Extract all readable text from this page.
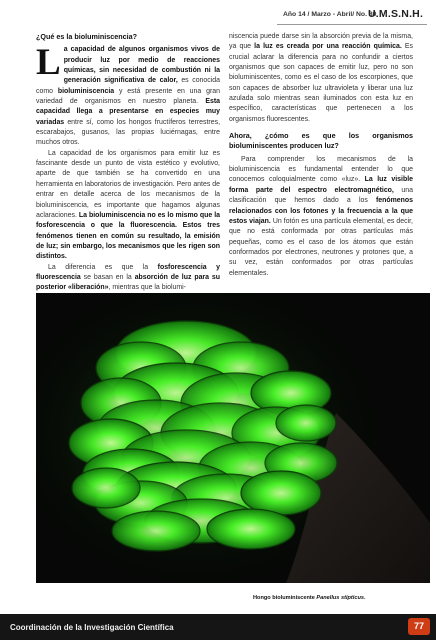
Año 14 / Marzo - Abril/ No. 80
U.M.S.N.H.
¿Qué es la bioluminiscencia?

La capacidad de algunos organismos vivos de producir luz por medio de reacciones químicas, sin necesidad de combustión ni la generación significativa de calor, es conocida como bioluminiscencia y está presente en una gran variedad de organismos en nuestro planeta. Esta capacidad llega a presentarse en especies muy variadas entre sí, como los hongos fructíferos terrestres, escarabajos, gusanos, las propias luciérnagas, entre muchos otros.

La capacidad de los organismos para emitir luz es fascinante desde un punto de vista estético y evolutivo, aparte de que también se ha convertido en una herramienta en laboratorios de investigación. Pero antes de entrar en detalle acerca de los mecanismos de la bioluminiscencia, es importante que hagamos algunas aclaraciones. La bioluminiscencia no es lo mismo que la fosforescencia o que la fluorescencia. Estos tres fenómenos tienen en común su resultado, la emisión de luz; sin embargo, los mecanismos que les rigen son distintos.

La diferencia es que la fosforescencia y fluorescencia se basan en la absorción de luz para su posterior «liberación», mientras que la biolumi-

niscencia puede darse sin la absorción previa de la misma, ya que la luz es creada por una reacción química. Es crucial aclarar la diferencia para no confundir a ciertos organismos que son capaces de emitir luz, pero no son bioluminiscentes, como es el caso de los escorpiones, que son capaces de absorber luz ultravioleta y liberar una luz azulada solo mientras sean iluminados con esta luz en específico, características que pertenecen a los organismos fluorescentes.

Ahora, ¿cómo es que los organismos bioluminiscentes producen luz?

Para comprender los mecanismos de la bioluminiscencia es fundamental entender lo que conocemos coloquialmente como «luz». La luz visible forma parte del espectro electromagnético, una clasificación que hemos dado a los fenómenos relacionados con los fotones y la frecuencia a la que estos viajan. Un fotón es una partícula elemental, es decir, que no está conformada por otras partículas más pequeñas, como es el caso de los átomos que están conformados por electrones, neutrones y protones que, a su vez, están conformados por otras partículas elementales.

Hongo bioluminiscente Panellus stipticus.
Coordinación de la Investigación Científica	77
